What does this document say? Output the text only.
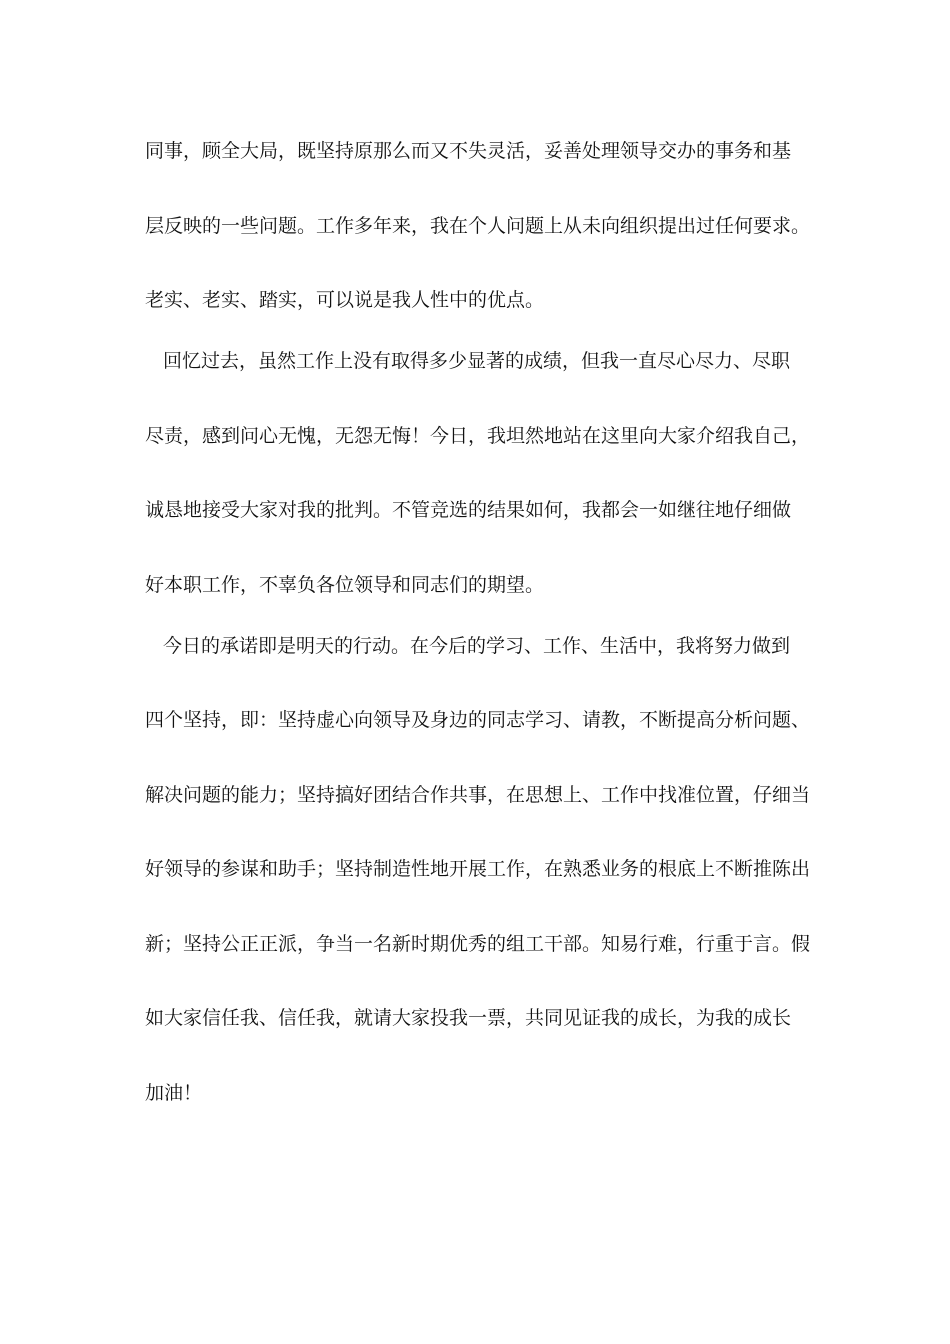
同事，顾全大局，既坚持原那么而又不失灵活，妥善处理领导交办的事务和基
层反映的一些问题。工作多年来，我在个人问题上从未向组织提出过任何要求。
老实、老实、踏实，可以说是我人性中的优点。
回忆过去，虽然工作上没有取得多少显著的成绩，但我一直尽心尽力、尽职
尽责，感到问心无愧，无怨无悔！今日，我坦然地站在这里向大家介绍我自己，
诚恳地接受大家对我的批判。不管竞选的结果如何，我都会一如继往地仔细做
好本职工作，不辜负各位领导和同志们的期望。
今日的承诺即是明天的行动。在今后的学习、工作、生活中，我将努力做到
四个坚持，即：坚持虚心向领导及身边的同志学习、请教，不断提高分析问题、
解决问题的能力；坚持搞好团结合作共事，在思想上、工作中找准位置，仔细当
好领导的参谋和助手；坚持制造性地开展工作，在熟悉业务的根底上不断推陈出
新；坚持公正正派，争当一名新时期优秀的组工干部。知易行难，行重于言。假
如大家信任我、信任我，就请大家投我一票，共同见证我的成长，为我的成长
加油！
